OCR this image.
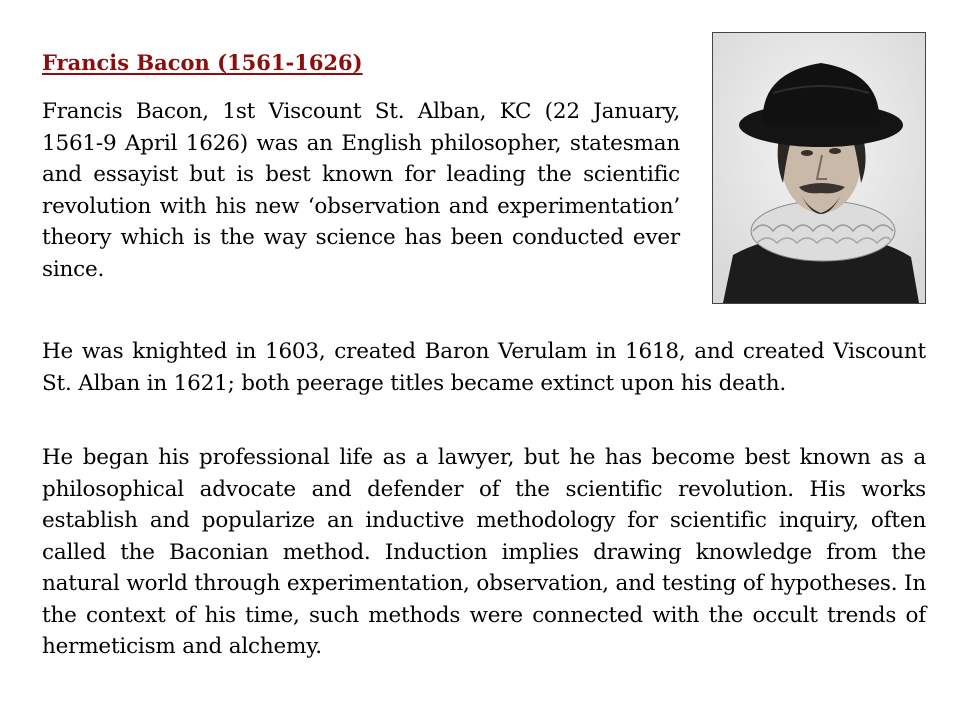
Francis Bacon (1561-1626)

Francis Bacon, 1st Viscount St. Alban, KC (22 January, 1561-9 April 1626) was an English philosopher, statesman and essayist but is best known for leading the scientific revolution with his new ‘observation and experimentation’ theory which is the way science has been conducted ever since.

He was knighted in 1603, created Baron Verulam in 1618, and created Viscount St. Alban in 1621; both peerage titles became extinct upon his death.

He began his professional life as a lawyer, but he has become best known as a philosophical advocate and defender of the scientific revolution. His works establish and popularize an inductive methodology for scientific inquiry, often called the Baconian method. Induction implies drawing knowledge from the natural world through experimentation, observation, and testing of hypotheses. In the context of his time, such methods were connected with the occult trends of hermeticism and alchemy.
